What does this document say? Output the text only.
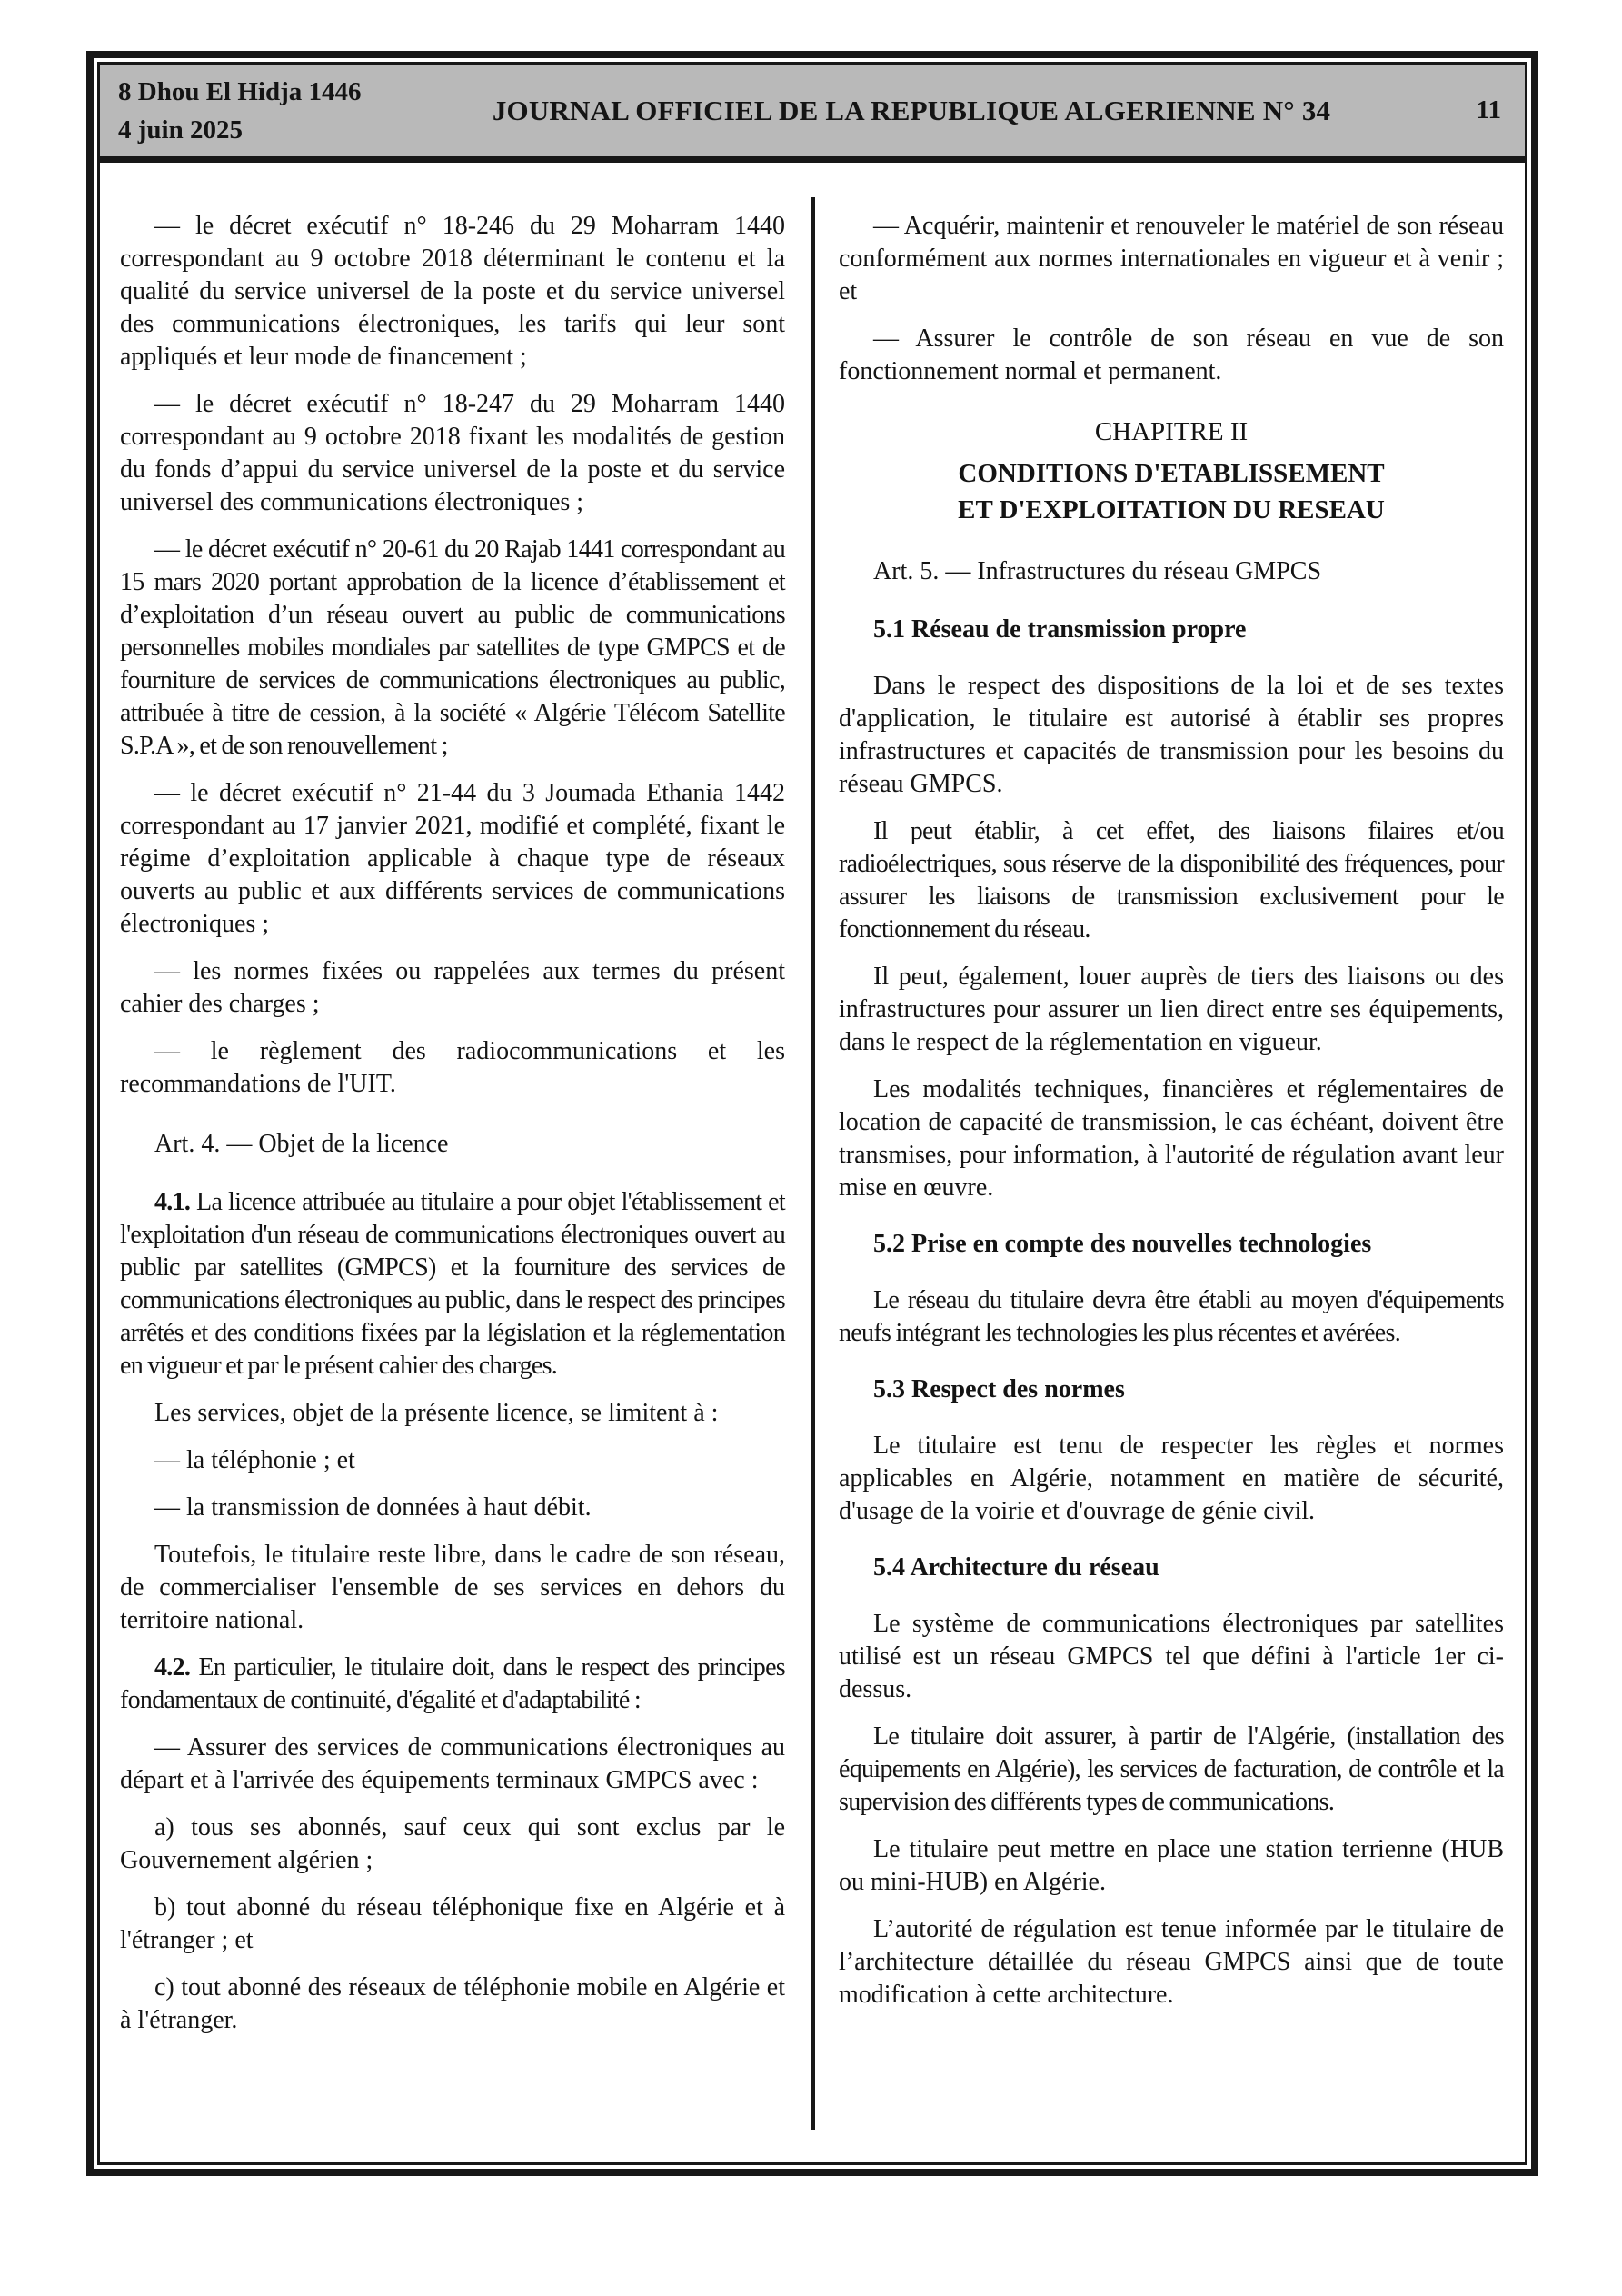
8 Dhou El Hidja 1446
4 juin 2025
JOURNAL OFFICIEL DE LA REPUBLIQUE ALGERIENNE N° 34	11

— le décret exécutif n° 18-246 du 29 Moharram 1440 correspondant au 9 octobre 2018 déterminant le contenu et la qualité du service universel de la poste et du service universel des communications électroniques, les tarifs qui leur sont appliqués et leur mode de financement ;

— le décret exécutif n° 18-247 du 29 Moharram 1440 correspondant au 9 octobre 2018 fixant les modalités de gestion du fonds d’appui du service universel de la poste et du service universel des communications électroniques ;

— le décret exécutif n° 20-61 du 20 Rajab 1441 correspondant au 15 mars 2020 portant approbation de la licence d’établissement et d’exploitation d’un réseau ouvert au public de communications personnelles mobiles mondiales par satellites de type GMPCS et de fourniture de services de communications électroniques au public, attribuée à titre de cession, à la société « Algérie Télécom Satellite S.P.A », et de son renouvellement ;

— le décret exécutif n° 21-44 du 3 Joumada Ethania 1442 correspondant au 17 janvier 2021, modifié et complété, fixant le régime d’exploitation applicable à chaque type de réseaux ouverts au public et aux différents services de communications électroniques ;

— les normes fixées ou rappelées aux termes du présent cahier des charges ;

— le règlement des radiocommunications et les recommandations de l'UIT.

Art. 4. — Objet de la licence

4.1. La licence attribuée au titulaire a pour objet l'établissement et l'exploitation d'un réseau de communications électroniques ouvert au public par satellites (GMPCS) et la fourniture des services de communications électroniques au public, dans le respect des principes arrêtés et des conditions fixées par la législation et la réglementation en vigueur et par le présent cahier des charges.

Les services, objet de la présente licence, se limitent à :

— la téléphonie ; et

— la transmission de données à haut débit.

Toutefois, le titulaire reste libre, dans le cadre de son réseau, de commercialiser l'ensemble de ses services en dehors du territoire national.

4.2. En particulier, le titulaire doit, dans le respect des principes fondamentaux de continuité, d'égalité et d'adaptabilité :

— Assurer des services de communications électroniques au départ et à l'arrivée des équipements terminaux GMPCS avec :

a) tous ses abonnés, sauf ceux qui sont exclus par le Gouvernement algérien ;

b) tout abonné du réseau téléphonique fixe en Algérie et à l'étranger ; et

c) tout abonné des réseaux de téléphonie mobile en Algérie et à l'étranger.

— Acquérir, maintenir et renouveler le matériel de son réseau conformément aux normes internationales en vigueur et à venir ; et

— Assurer le contrôle de son réseau en vue de son fonctionnement normal et permanent.

CHAPITRE II

CONDITIONS D'ETABLISSEMENT
ET D'EXPLOITATION DU RESEAU

Art. 5. — Infrastructures du réseau GMPCS

5.1 Réseau de transmission propre

Dans le respect des dispositions de la loi et de ses textes d'application, le titulaire est autorisé à établir ses propres infrastructures et capacités de transmission pour les besoins du réseau GMPCS.

Il peut établir, à cet effet, des liaisons filaires et/ou radioélectriques, sous réserve de la disponibilité des fréquences, pour assurer les liaisons de transmission exclusivement pour le fonctionnement du réseau.

Il peut, également, louer auprès de tiers des liaisons ou des infrastructures pour assurer un lien direct entre ses équipements, dans le respect de la réglementation en vigueur.

Les modalités techniques, financières et réglementaires de location de capacité de transmission, le cas échéant, doivent être transmises, pour information, à l'autorité de régulation avant leur mise en œuvre.

5.2 Prise en compte des nouvelles technologies

Le réseau du titulaire devra être établi au moyen d'équipements neufs intégrant les technologies les plus récentes et avérées.

5.3 Respect des normes

Le titulaire est tenu de respecter les règles et normes applicables en Algérie, notamment en matière de sécurité, d'usage de la voirie et d'ouvrage de génie civil.

5.4 Architecture du réseau

Le système de communications électroniques par satellites utilisé est un réseau GMPCS tel que défini à l'article 1er ci-dessus.

Le titulaire doit assurer, à partir de l'Algérie, (installation des équipements en Algérie), les services de facturation, de contrôle et la supervision des différents types de communications.

Le titulaire peut mettre en place une station terrienne (HUB ou mini-HUB) en Algérie.

L’autorité de régulation est tenue informée par le titulaire de l’architecture détaillée du réseau GMPCS ainsi que de toute modification à cette architecture.
